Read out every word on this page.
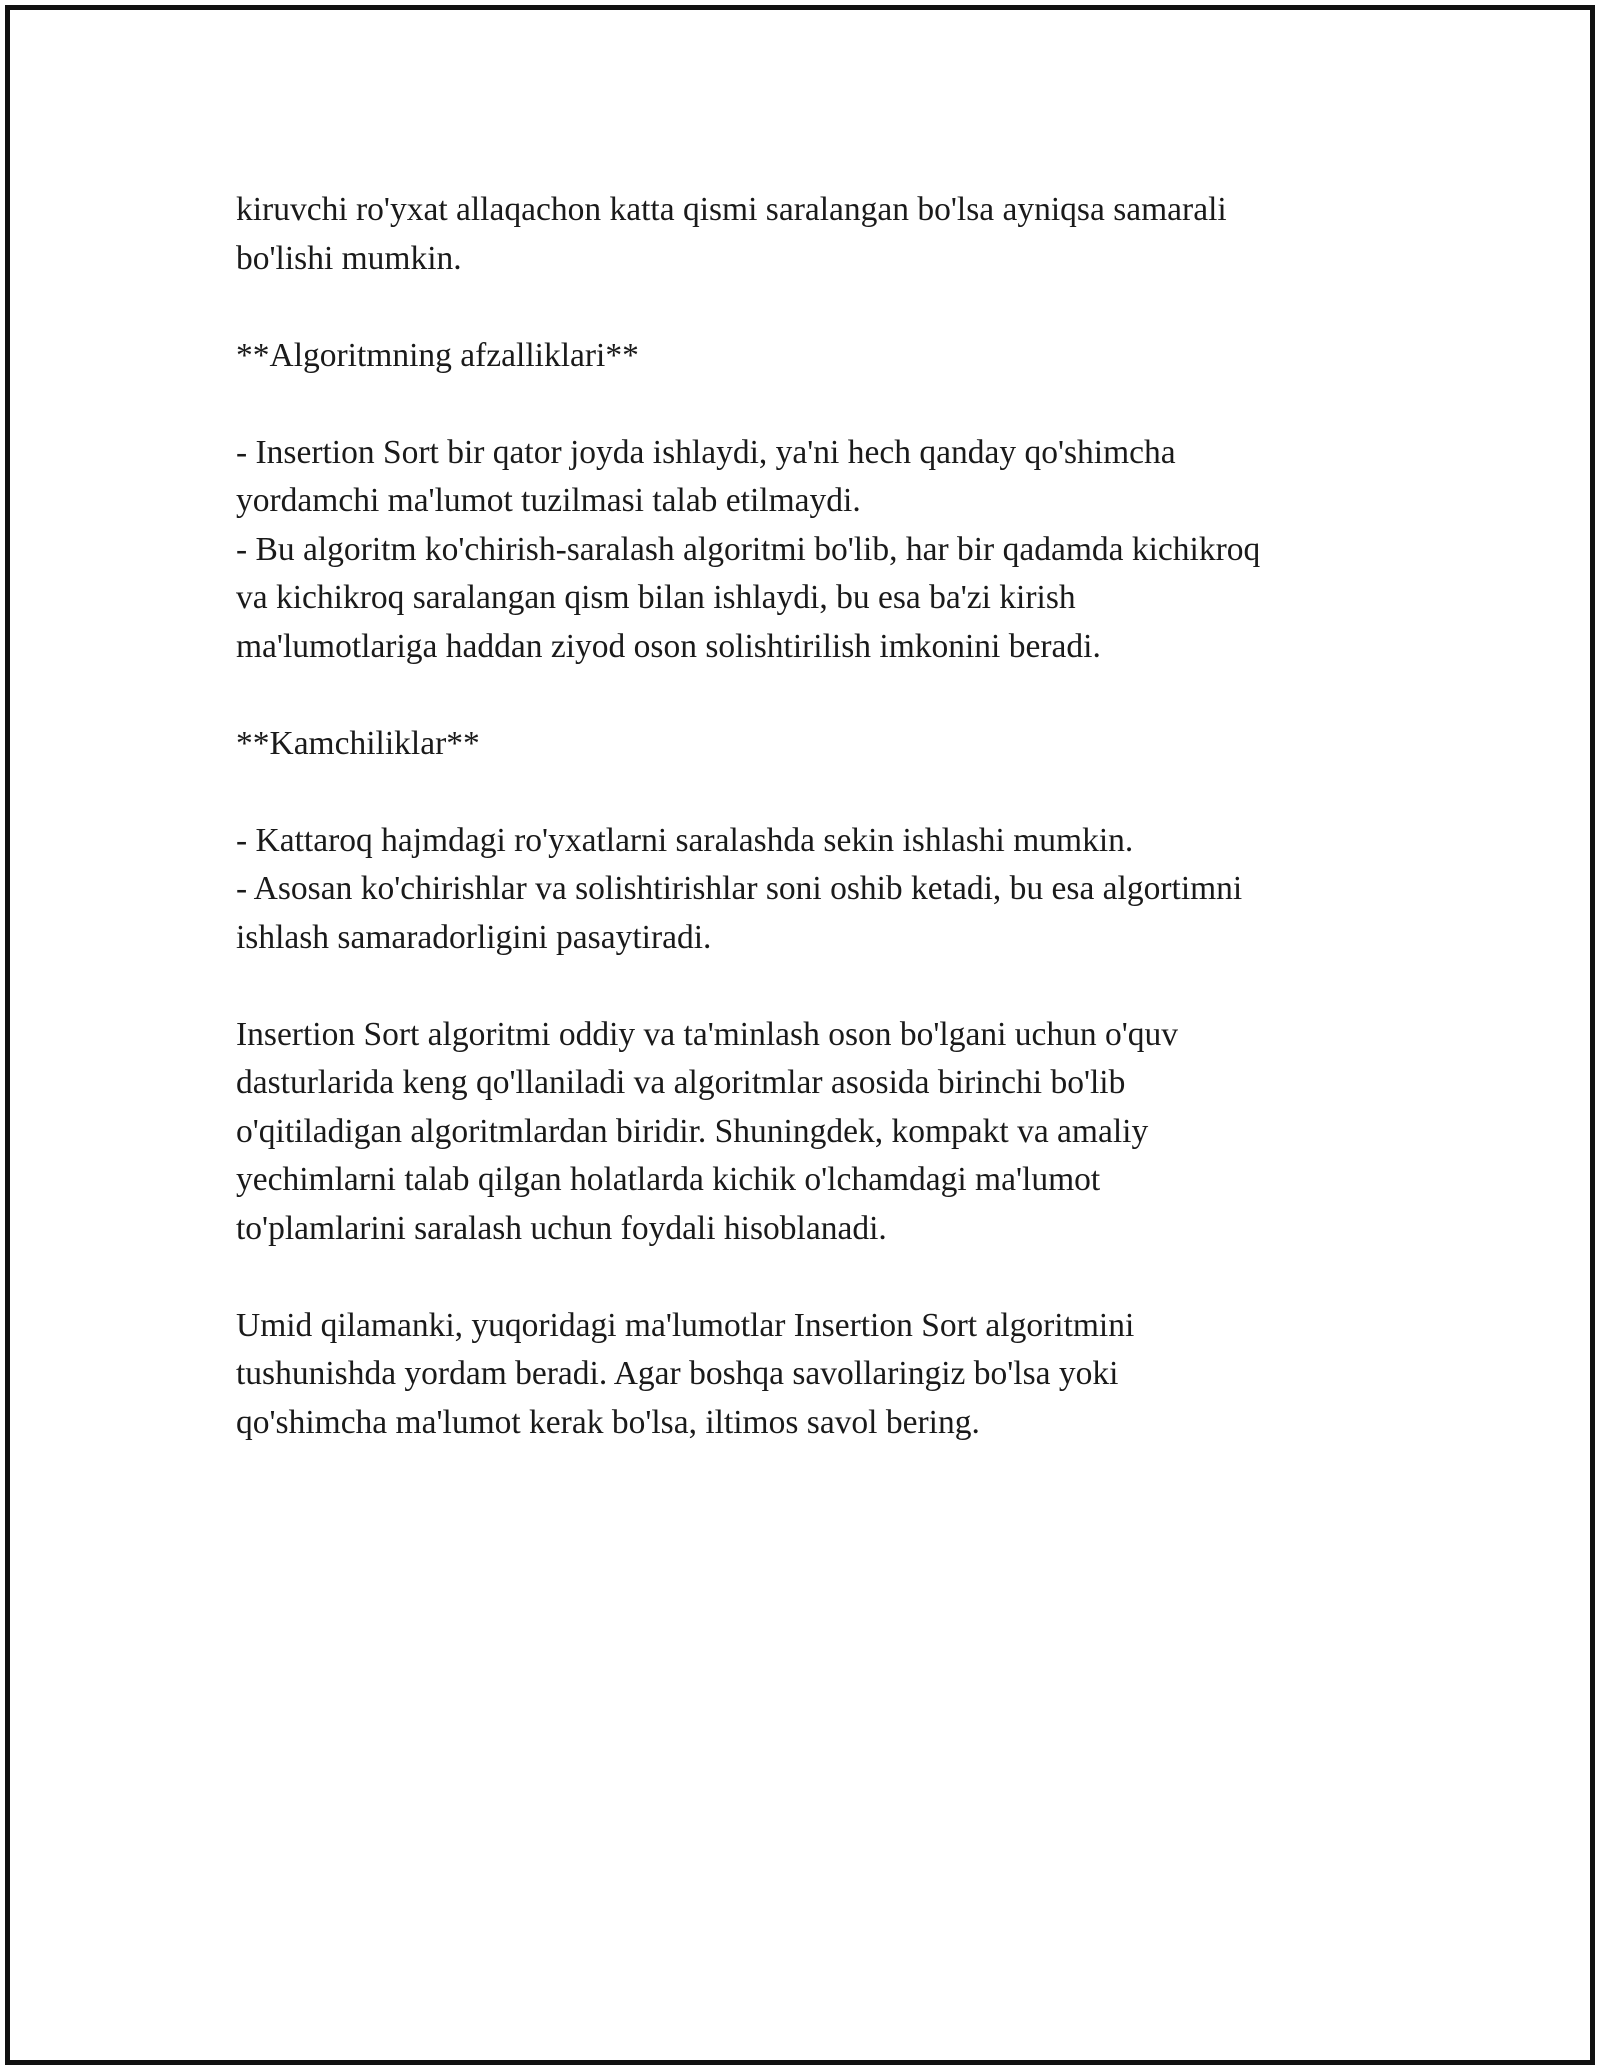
kiruvchi ro'yxat allaqachon katta qismi saralangan bo'lsa ayniqsa samarali
bo'lishi mumkin.

**Algoritmning afzalliklari**

- Insertion Sort bir qator joyda ishlaydi, ya'ni hech qanday qo'shimcha
yordamchi ma'lumot tuzilmasi talab etilmaydi.
- Bu algoritm ko'chirish-saralash algoritmi bo'lib, har bir qadamda kichikroq
va kichikroq saralangan qism bilan ishlaydi, bu esa ba'zi kirish
ma'lumotlariga haddan ziyod oson solishtirilish imkonini beradi.

**Kamchiliklar**

- Kattaroq hajmdagi ro'yxatlarni saralashda sekin ishlashi mumkin.
- Asosan ko'chirishlar va solishtirishlar soni oshib ketadi, bu esa algortimni
ishlash samaradorligini pasaytiradi.

Insertion Sort algoritmi oddiy va ta'minlash oson bo'lgani uchun o'quv
dasturlarida keng qo'llaniladi va algoritmlar asosida birinchi bo'lib
o'qitiladigan algoritmlardan biridir. Shuningdek, kompakt va amaliy
yechimlarni talab qilgan holatlarda kichik o'lchamdagi ma'lumot
to'plamlarini saralash uchun foydali hisoblanadi.

Umid qilamanki, yuqoridagi ma'lumotlar Insertion Sort algoritmini
tushunishda yordam beradi. Agar boshqa savollaringiz bo'lsa yoki
qo'shimcha ma'lumot kerak bo'lsa, iltimos savol bering.
